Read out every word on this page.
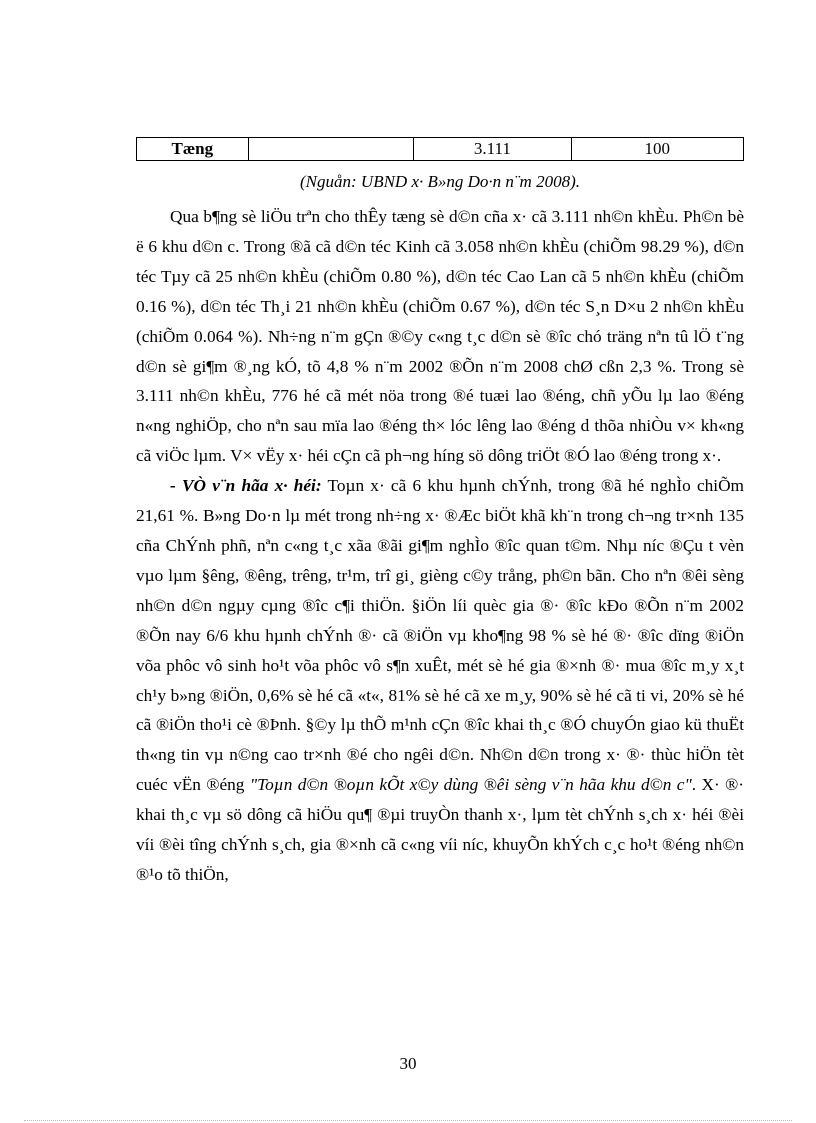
Tæng	3.111	100
(Nguån: UBND x· B»ng Do·n n¨m 2008).

Qua b¶ng sè liÖu trªn cho thÊy tæng sè d©n cña x· cã 3.111 nh©n khÈu. Ph©n bè ë 6 khu d©n c. Trong ®ã cã d©n téc Kinh cã 3.058 nh©n khÈu (chiÕm 98.29 %), d©n téc Tµy cã 25 nh©n khÈu (chiÕm 0.80 %), d©n téc Cao Lan cã 5 nh©n khÈu (chiÕm 0.16 %), d©n téc Th¸i 21 nh©n khÈu (chiÕm 0.67 %), d©n téc S¸n D×u 2 nh©n khÈu (chiÕm 0.064 %). Nh÷ng n¨m gÇn ®©y c«ng t¸c d©n sè ®îc chó träng nªn tû lÖ t¨ng d©n sè gi¶m ®¸ng kÓ, tõ 4,8 % n¨m 2002 ®Õn n¨m 2008 chØ cßn 2,3 %. Trong sè 3.111 nh©n khÈu, 776 hé cã mét nöa trong ®é tuæi lao ®éng, chñ yÕu lµ lao ®éng n«ng nghiÖp, cho nªn sau mïa lao ®éng th× lóc lêng lao ®éng d thõa nhiÒu v× kh«ng cã viÖc lµm. V× vËy x· héi cÇn cã ph¬ng híng sö dông triÖt ®Ó lao ®éng trong x·.

- VÒ v¨n hãa x· héi: Toµn x· cã 6 khu hµnh chÝnh, trong ®ã hé nghÌo chiÕm 21,61 %. B»ng Do·n lµ mét trong nh÷ng x· ®Æc biÖt khã kh¨n trong ch¬ng tr×nh 135 cña ChÝnh phñ, nªn c«ng t¸c xãa ®ãi gi¶m nghÌo ®îc quan t©m. Nhµ níc ®Çu t vèn vµo lµm §êng, ®êng, trêng, tr¹m, trî gi¸ gièng c©y trång, ph©n bãn. Cho nªn ®êi sèng nh©n d©n ngµy cµng ®îc c¶i thiÖn. §iÖn líi quèc gia ®· ®îc kÐo ®Õn n¨m 2002 ®Õn nay 6/6 khu hµnh chÝnh ®· cã ®iÖn vµ kho¶ng 98 % sè hé ®· ®îc dïng ®iÖn võa phôc vô sinh ho¹t võa phôc vô s¶n xuÊt, mét sè hé gia ®×nh ®· mua ®îc m¸y x¸t ch¹y b»ng ®iÖn, 0,6% sè hé cã «t«, 81% sè hé cã xe m¸y, 90% sè hé cã ti vi, 20% sè hé cã ®iÖn tho¹i cè ®Þnh. §©y lµ thÕ m¹nh cÇn ®îc khai th¸c ®Ó chuyÓn giao kü thuËt th«ng tin vµ n©ng cao tr×nh ®é cho ngêi d©n. Nh©n d©n trong x· ®· thùc hiÖn tèt cuéc vËn ®éng "Toµn d©n ®oµn kÕt x©y dùng ®êi sèng v¨n hãa khu d©n c". X· ®· khai th¸c vµ sö dông cã hiÖu qu¶ ®µi truyÒn thanh x·, lµm tèt chÝnh s¸ch x· héi ®èi víi ®èi tîng chÝnh s¸ch, gia ®×nh cã c«ng víi níc, khuyÕn khÝch c¸c ho¹t ®éng nh©n ®¹o tõ thiÖn,

30
